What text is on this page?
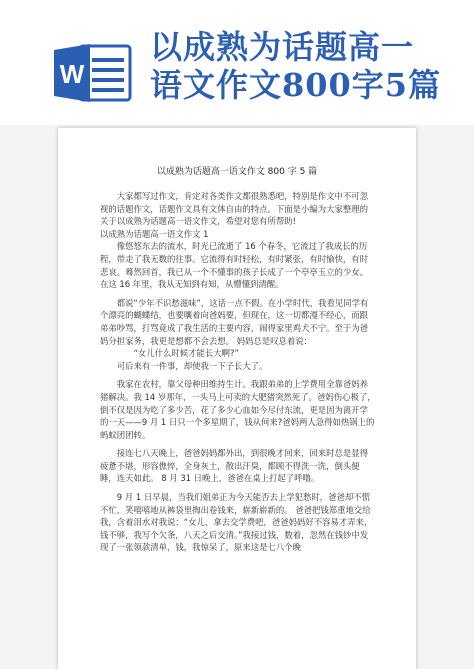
W
以成熟为话题高一
语文作文800字5篇
以成熟为话题高一语文作文 800 字 5 篇

大家都写过作文，肯定对各类作文都很熟悉吧，特别是作文中不可忽视的话题作文，话题作文具有文体自由的特点。下面是小编为大家整理的关于以成熟为话题高一语文作文，希望对您有所帮助!

以成熟为话题高一语文作文 1

像悠悠东去的流水，时光已流逝了 16 个春冬，它流过了我成长的历程，带走了我无数的往事。它流得有时轻松，有时紧张，有时愉快，有时悲哀。蓦然回首，我已从一个不懂事的孩子长成了一个亭亭玉立的少女。在这 16 年里，我从无知到有知，从懵懂到清醒。

都说“少年不识愁滋味”，这话一点不假。在小学时代，我看见同学有个漂亮的蝴蝶结，也要嚷着向爸妈要，但现在，这一切都漫不经心，而跟弟弟吵骂，打骂竟成了我生活的主要内容，闹得家里鸡犬不宁。至于为爸妈分担家务，我更是想都不会去想。 妈妈总是叹息着说：

“女儿什么时候才能长大啊?”

可后来有一件事，却使我一下子长大了。

我家在农村，靠父母种田维持生计。我跟弟弟的上学费用全靠爸妈养猪解决。我 14 岁那年，一头马上可卖的大肥猪突然死了。爸妈伤心极了，倒不仅是因为吃了多少苦，花了多少心血如今尽付东流，更是因为离开学的一天——9 月 1 日只一个多星期了，钱从何来?爸妈两人急得如热锅上的蚂蚁团团转。

接连七八天晚上，爸爸妈妈都外出，到很晚才回来，回来时总是显得疲惫不堪，形容憔悴，全身灰土，散出汗臭，都顾不得洗一洗，倒头便睡，连天如此。 8 月 31 日晚上，爸爸在桌上打起了呼噜。

9 月 1 日早晨，当我们姐弟正为今天能否去上学犯愁时，爸爸却不慌不忙，笑嘻嘻地从裤袋里掏出卷钱来，崭新崭新的。 爸爸把钱郑重地交给我，含着泪水对我说：“女儿，拿去交学费吧，爸爸妈妈好不容易才弄来，钱不够，我写个欠条，八天之后交清。”我接过钱，数着，忽然在钱钞中发现了一张领款清单，钱，我惊呆了，原来这是七八个晚
